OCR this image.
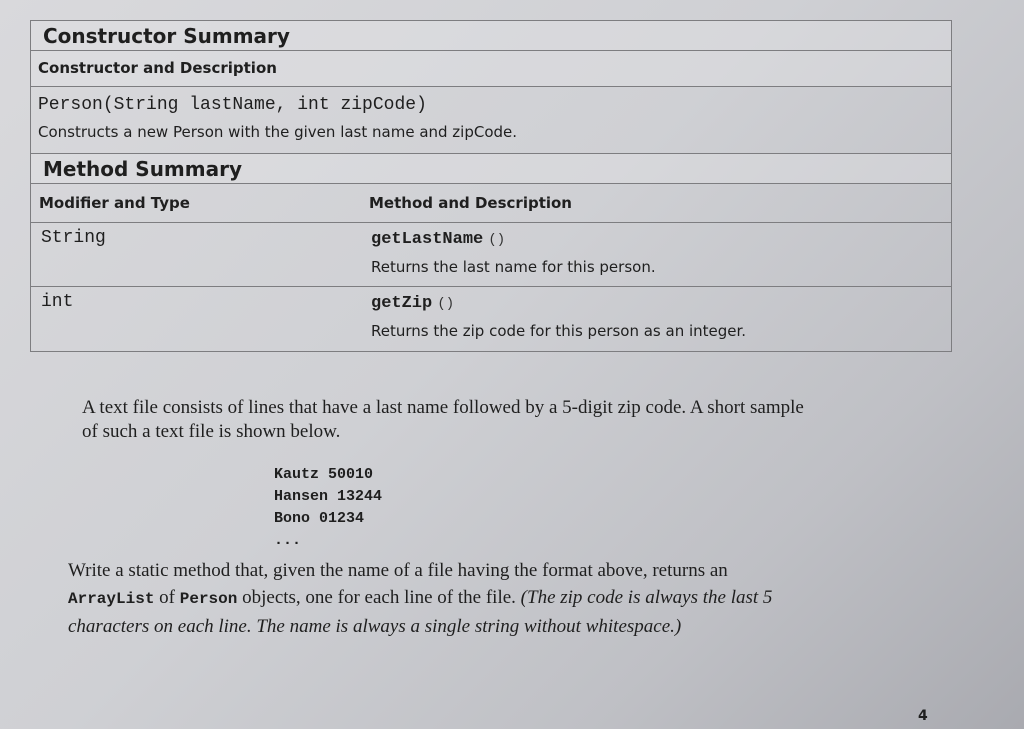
Constructor Summary
Constructor and Description
Person(String lastName, int zipCode)
Constructs a new Person with the given last name and zipCode.
Method Summary
Modifier and Type	Method and Description
String	getLastName ()
Returns the last name for this person.
int	getZip ()
Returns the zip code for this person as an integer.
A text file consists of lines that have a last name followed by a 5-digit zip code. A short sample
of such a text file is shown below.
Kautz 50010
Hansen 13244
Bono 01234
...
Write a static method that, given the name of a file having the format above, returns an
ArrayList of Person objects, one for each line of the file. (The zip code is always the last 5
characters on each line. The name is always a single string without whitespace.)
4
